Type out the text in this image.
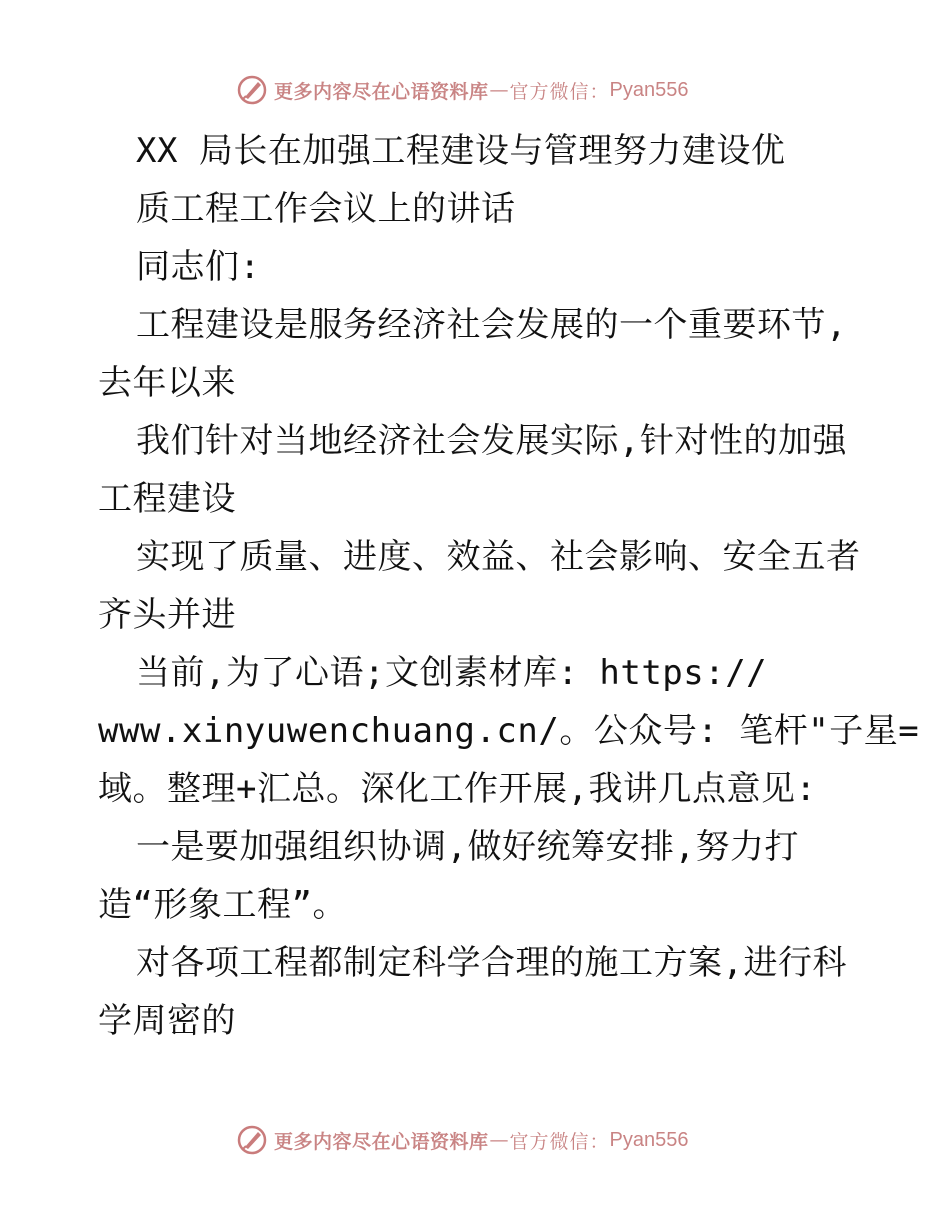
更多内容尽在心语资料库 — 官方微信： Pyan556
XX 局长在加强工程建设与管理努力建设优
质工程工作会议上的讲话
同志们:
工程建设是服务经济社会发展的一个重要环节,
去年以来
我们针对当地经济社会发展实际,针对性的加强
工程建设
实现了质量、进度、效益、社会影响、安全五者
齐头并进
当前,为了心语;文创素材库: https://
www.xinyuwenchuang.cn/。公众号: 笔杆"子星=
域。整理+汇总。深化工作开展,我讲几点意见:
一是要加强组织协调,做好统筹安排,努力打
造“形象工程”。
对各项工程都制定科学合理的施工方案,进行科
学周密的
更多内容尽在心语资料库 — 官方微信： Pyan556
